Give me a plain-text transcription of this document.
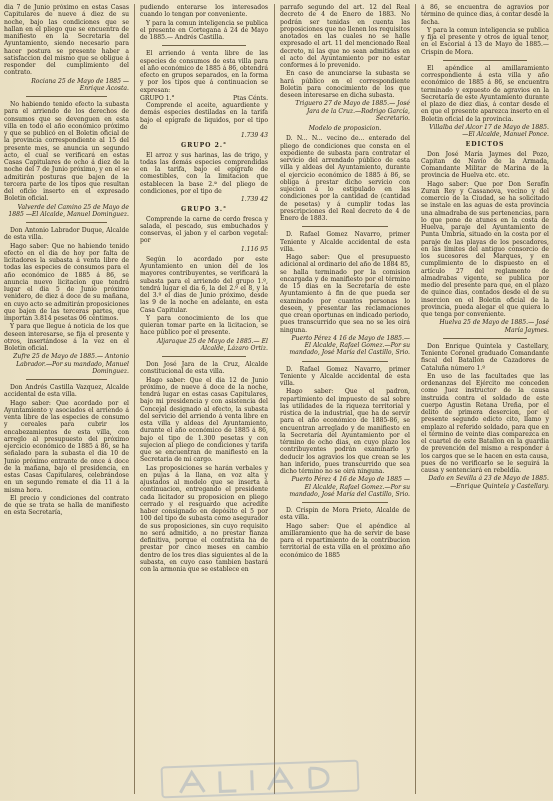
dia 7 de Junio próximo en estas Casas Capitulares de nueve á diez de su noche, bajo las condiciones que se hallan en el pliego que se encuentra de manifiesto en la Secretaria del Ayuntamiento, siendo necesario para hacer postura se presente haber a satisfaccion del mismo que se obligue á responder del cumplimiento del contrato.

Rociana 25 de Mayo de 1885 —Enrique Acosta.

No habiendo tenido efecto la subasta para el arriendo de los derechos de consumos que se devenguen en esta villa en todo el año económico próximo y que se publicó en el Boletin oficial de la provincia correspondiente al 15 del presente mes, se anuncia un segundo acto, el cual se verificará en estas Casas Capitulares de ocho á diez de la noche del 7 de Junio próximo, y en el se admitirán posturas que bajen de la tercera parte de los tipos que resultan del oficio inserto en el expresado Boletin oficial.

Valverde del Camino 25 de Mayo de 1885 —El Alcalde, Manuel Dominguez.

Don Antonio Labrador Duque, Alcalde de esta villa.

Hago saber: Que no habiendo tenido efecto en el dia de hoy por falta de licitadores la subasta á venta libre de todas las especies de consumos para el año económico de 1885 á 86, se anuncia nuevo licitacion que tendrá lugar el dia 5 de Junio próximo venidero, de diez á doce de su mañana, en cuyo acto se admitirán proposiciones que bajen de las terceras partes, que importan 3.814 pesetas 06 céntimos.

Y para que llegue á noticia de los que deseen interesarse, se fija el presente y otros, insertándose á la vez en el Boletin oficial.

Zufre 25 de Mayo de 1885.— Antonio Labrador.—Por su mandado, Manuel Dominguez.

Don Andrés Castilla Vazquez, Alcalde accidental de esta villa.

Hago saber: Que acordado por el Ayuntamiento y asociados el arriendo á venta libre de las especies de consumo y cereales para cubrir los encabezamientos de esta villa, con arreglo al presupuesto del próximo ejercicio económico de 1885 á 86, se ha señalado para la subasta el dia 10 de Junio próximo entrante de once á doce de la mañana, bajo el presidencia, en estas Casas Capitulares, celebrándose en un segundo remate el dia 11 á la misma hora.

El precio y condiciones del contrato de que se trata se halla de manifiesto en esta Secretaría,

pudiendo enterarse los interesados cuando lo tengan por conveniente.

Y para la comun inteligencia se publica el presente en Cortegana á 24 de Mayo de 1885.— Andrés Castilla.

El arriendo á venta libre de las especies de consumos de esta villa para el año económico de 1885 á 86, obtendrá efecto en grupos separados, en la forma y por los tipos que á continuacion se expresan:

GRUPO 1.°	Ptas Cénts.

Comprende el aceite, aguardiente y demás especies destiladas en la tarifa bajo el epígrafe de liquidos, por el tipo de

1.739 43

GRUPO 2.°

El arroz y sus harinas, las de trigo, y todas las demás especies comprendidas en la tarifa, bajo el epígrafe de comestibles, con la limitacion que establecen la base 2.ª del pliego de condiciones, por el tipo de

1.739 42

GRUPO 3.°

Comprende la carne de cerdo fresca y salada, el pescado, sus embuchados y conservas, el jabon y el carbon vegetal: por

1.116 95

Según lo acordado por este Ayuntamiento en union del de los mayores contribuyentes, se verificará la subasta para el arriendo del grupo 1.º, tendrá lugar el dia 6, la del 2.º el 8, y la del 3.º el dias de Junio próximo, desde las 9 de la noche en adelante, en esta Casa Capitular.

Y para conocimiento de los que quieran tomar parte en la licitacion, se hace público por el presente.

Aljaraque 25 de Mayo de 1885.— El Alcalde, Lázaro Ortiz.

Don José Jara de la Cruz, Alcalde constitucional de esta villa.

Hago saber: Que el dia 12 de Junio próximo, de nueve á doce de la noche, tendrá lugar en estas casas Capitulares, bajo mi presidencia y con asistencia del Concejal designado al efecto, la subasta del servicio del arriendo á venta libre en esta villa y aldeas del Ayuntamiento, durante el año económico de 1885 á 86, bajo el tipo de 1.300 pesetas y con sujecion al pliego de condiciones y tarifa que se encuentran de manifiesto en la Secretaria de mi cargo.

Las proposiciones se harán verbales y en pujas á la llana, en voz alta y ajustados al modelo que se inserta á continuacion, entregando el presidente cada licitador su proposicion en pliego cerrado y el resguardo que acredite haber consignado en depósito el 5 por 100 del tipo de subasta como asegurador de sus proposiciones, sin cuyo requisito no será admitido, a no prestar fianza definitiva, porque el contratista ha de prestar por cinco meses en cambio dentro de los tres dias siguientes al de la subasta, en cuyo caso tambien bastará con la armonia que se establece en

parrafo segundo del art. 12 del Real decreto de 4 de Enero de 1883. No podrán ser tenidas en cuenta las proposiciones que no llenen los requisitos anotados en las cuales no se halle expresado el art. 11 del mencionado Real decreto, ni las que no sean admitidas en el acto del Ayuntamiento por no estar conformes á lo prevenido.

En caso de anunciarse la subasta se hará público en el correspondiente Boletin para conocimiento de los que deseen interesarse en dicha subasta.

Triguero 27 de Mayo de 1885.— José Jara de la Cruz.—Rodrigo García, Secretario.

Modelo de proposicion.

D. N... N... vecino de... enterado del pliego de condiciones que consta en el expediente de subasta para contratar el servicio del arrendado público de esta villa y aldeas del Ayuntamiento, durante el ejercicio económico de 1885 á 86, se obliga á prestar dicho servicio con sujecion á lo estipulado en las condiciones por la cantidad de (cantidad de pesetas) y á cumplir todas las prescripciones del Real decreto de 4 de Enero de 1883.

D. Rafael Gomez Navarro, primer Teniente y Alcalde accidental de esta villa.

Hago saber: Que el presupuesto adicional al ordinario del año de 1884 85, se halla terminado por la comision encargada y de manifiesto por el término de 15 dias en la Secretaría de este Ayuntamiento á fin de que pueda ser examinado por cuantos personas lo deseen, y presentar las reclamaciones que crean oportunas en indicado periodo, pues transcurrido que sea no se les oirá ninguna.

Puerto Pérez 4 16 de Mayo de 1885.—El Alcalde, Rafael Gomez.—Por su mandado, José María del Castillo, Srio.

D. Rafael Gomez Navarro, primer Teniente y Alcalde accidental de esta villa.

Hago saber: Que el padron, repartimiento del impuesto de sal sobre las utilidades de la riqueza territorial y rústica de la industrial, que ha de servir para el año económico de 1885-86, se encuentran arreglado y de manifiesto en la Secretaría del Ayuntamiento por el término de ocho dias, en cuyo plazo los contribuyentes podrán examinarlo y deducir los agravios los que crean se les han inferido, pues transcurrido que sea dicho término no se oirá ninguna.

Puerto Pérez 4 16 de Mayo de 1885 —El Alcalde, Rafael Gomez.—Por su mandado, José María del Castillo, Srio.

D. Crispin de Mora Prieto, Alcalde de esta villa.

Hago saber: Que el apéndice al amillaramiento que ha de servir de base para el repartimiento de la contribucion territorial de esta villa en el próximo año económico de 1885

á 86, se encuentra de agravios por término de quince dias, á contar desde la fecha.

Y para la comun inteligencia se publica y fija el presente y otros de igual tenor, en el Escorial á 13 de Mayo de 1885.— Crispin de Mora.

El apéndice al amillaramiento correspondiente á esta villa y año económico de 1885 á 86, se encuentra terminado y expuesto de agravios en la Secretaría de este Ayuntamiento durante el plazo de diez dias, á contar desde el en que el presente aparezca inserto en el Boletin oficial de la provincia.

Villalba del Alcor 17 de Mayo de 1885.—El Alcalde, Manuel Ponce.

EDICTOS

Don José María Jaymes del Pozo, Capitan de Navío de la Armada, Comandante Militar de Marina de la provincia de Huelva etc. etc.

Hago saber: Que por Don Serafín Zuran Rey y Cassanova, vecino y del comercio de la Ciudad, se ha solicitado se instale en las aguas de esta provincia una almadraba de sus pertenencias, para lo que pone de atunes en la costa de Huelva, paraje del Ayuntamiento de Punta Umbría, situado en la costa por el paraje de las playas de los pescadores, en las límites del antiguo consorcio de los sucesores del Marques, y en cumplimiento de lo dispuesto en el artículo 27 del reglamento de almadrabas vigente, se publica por medio del presente para que, en el plazo de quince dias, contados desde el de su insercion en el Boletin oficial de la provincia, pueda alegar el que quiera lo que tenga por conveniente.

Huelva 25 de Mayo de 1885.— José María Jaymes.

Don Enrique Quintela y Castellary, Teniente Coronel graduado Comandante fiscal del Batallon de Cazadores de Cataluña número 1.º

En uso de las facultades que las ordenanzas del Ejército me conceden como Juez instructor de la causa instruida contra el soldado de este cuerpo Agustin Retana Ureña, por el delito de primera desercion, por el presente segundo edicto cito, llamo y emplazo al referido soldado, para que en el término de veinte dias comparezca en el cuartel de este Batallon en la guardia de prevención del mismo a responder á los cargos que se le hacen en esta causa, pues de no verificarlo se le seguirá la causa y sentenciará en rebeldía.

Dado en Sevilla á 23 de Mayo de 1885.—Enrique Quintela y Castellary.
